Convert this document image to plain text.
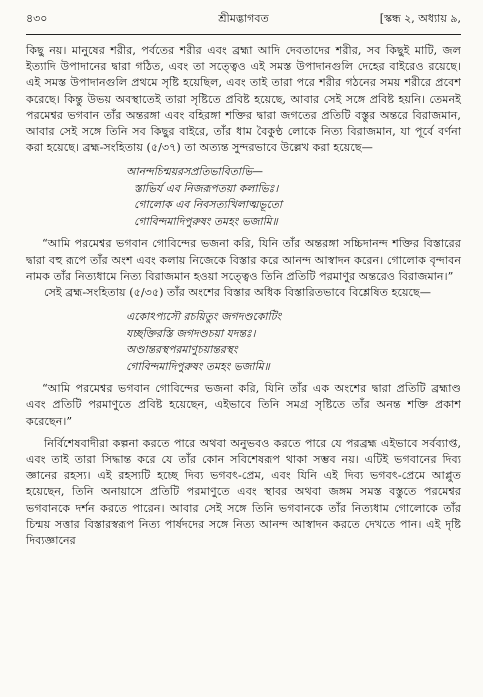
৪৩০	শ্রীমদ্ভাগবত	[স্কন্ধ ২, অধ্যায় ৯,

কিছু নয়। মানুষের শরীর, পর্বতের শরীর এবং ব্রহ্মা আদি দেবতাদের শরীর, সব কিছুই মাটি, জল ইত্যাদি উপাদানের দ্বারা গঠিত, এবং তা সত্ত্বেও এই সমস্ত উপাদানগুলি দেহের বাইরেও রয়েছে। এই সমস্ত উপাদানগুলি প্রথমে সৃষ্টি হয়েছিল, এবং তাই তারা পরে শরীর গঠনের সময় শরীরে প্রবেশ করেছে। কিন্তু উভয় অবস্থাতেই তারা সৃষ্টিতে প্রবিষ্ট হয়েছে, আবার সেই সঙ্গে প্রবিষ্ট হয়নি। তেমনই পরমেশ্বর ভগবান তাঁর অন্তরঙ্গা এবং বহিরঙ্গা শক্তির দ্বারা জগতের প্রতিটি বস্তুর অন্তরে বিরাজমান, আবার সেই সঙ্গে তিনি সব কিছুর বাইরে, তাঁর ধাম বৈকুণ্ঠ লোকে নিত্য বিরাজমান, যা পূর্বে বর্ণনা করা হয়েছে। ব্রহ্ম-সংহিতায় (৫/৩৭) তা অত্যন্ত সুন্দরভাবে উল্লেখ করা হয়েছে—

আনন্দচিন্ময়রসপ্রতিভাবিতাভি—
স্তাভির্য এব নিজরূপতয়া কলাভিঃ।
গোলোক এব নিবসত্যখিলাত্মভূতো
গোবিন্দমাদিপুরুষং তমহং ভজামি॥

“আমি পরমেশ্বর ভগবান গোবিন্দের ভজনা করি, যিনি তাঁর অন্তরঙ্গা সচ্চিদানন্দ শক্তির বিস্তারের দ্বারা বহু রূপে তাঁর অংশ এবং কলায় নিজেকে বিস্তার করে আনন্দ আস্বাদন করেন। গোলোক বৃন্দাবন নামক তাঁর নিত্যধামে নিত্য বিরাজমান হওয়া সত্ত্বেও তিনি প্রতিটি পরমাণুর অন্তরেও বিরাজমান।”

সেই ব্রহ্ম-সংহিতায় (৫/৩৫) তাঁর অংশের বিস্তার অধিক বিস্তারিতভাবে বিশ্লেষিত হয়েছে—

একোঽপ্যসৌ রচয়িতুং জগদণ্ডকোটিং
যচ্ছক্তিরস্তি জগদণ্ডচয়া যদন্তঃ।
অণ্ডান্তরস্থপরমাণুচয়ান্তরস্থং
গোবিন্দমাদিপুরুষং তমহং ভজামি॥

“আমি পরমেশ্বর ভগবান গোবিন্দের ভজনা করি, যিনি তাঁর এক অংশের দ্বারা প্রতিটি ব্রহ্মাণ্ড এবং প্রতিটি পরমাণুতে প্রবিষ্ট হয়েছেন, এইভাবে তিনি সমগ্র সৃষ্টিতে তাঁর অনন্ত শক্তি প্রকাশ করেছেন।”

নির্বিশেষবাদীরা কল্পনা করতে পারে অথবা অনুভবও করতে পারে যে পরব্রহ্ম এইভাবে সর্বব্যাপ্ত, এবং তাই তারা সিদ্ধান্ত করে যে তাঁর কোন সবিশেষরূপ থাকা সম্ভব নয়। এটিই ভগবানের দিব্য জ্ঞানের রহস্য। এই রহস্যটি হচ্ছে দিব্য ভগবৎ-প্রেম, এবং যিনি এই দিব্য ভগবৎ-প্রেমে আপ্লুত হয়েছেন, তিনি অনায়াসে প্রতিটি পরমাণুতে এবং স্থাবর অথবা জঙ্গম সমস্ত বস্তুতে পরমেশ্বর ভগবানকে দর্শন করতে পারেন। আবার সেই সঙ্গে তিনি ভগবানকে তাঁর নিত্যধাম গোলোকে তাঁর চিন্ময় সত্তার বিস্তারস্বরূপ নিত্য পার্ষদদের সঙ্গে নিত্য আনন্দ আস্বাদন করতে দেখতে পান। এই দৃষ্টি দিব্যজ্ঞানের
